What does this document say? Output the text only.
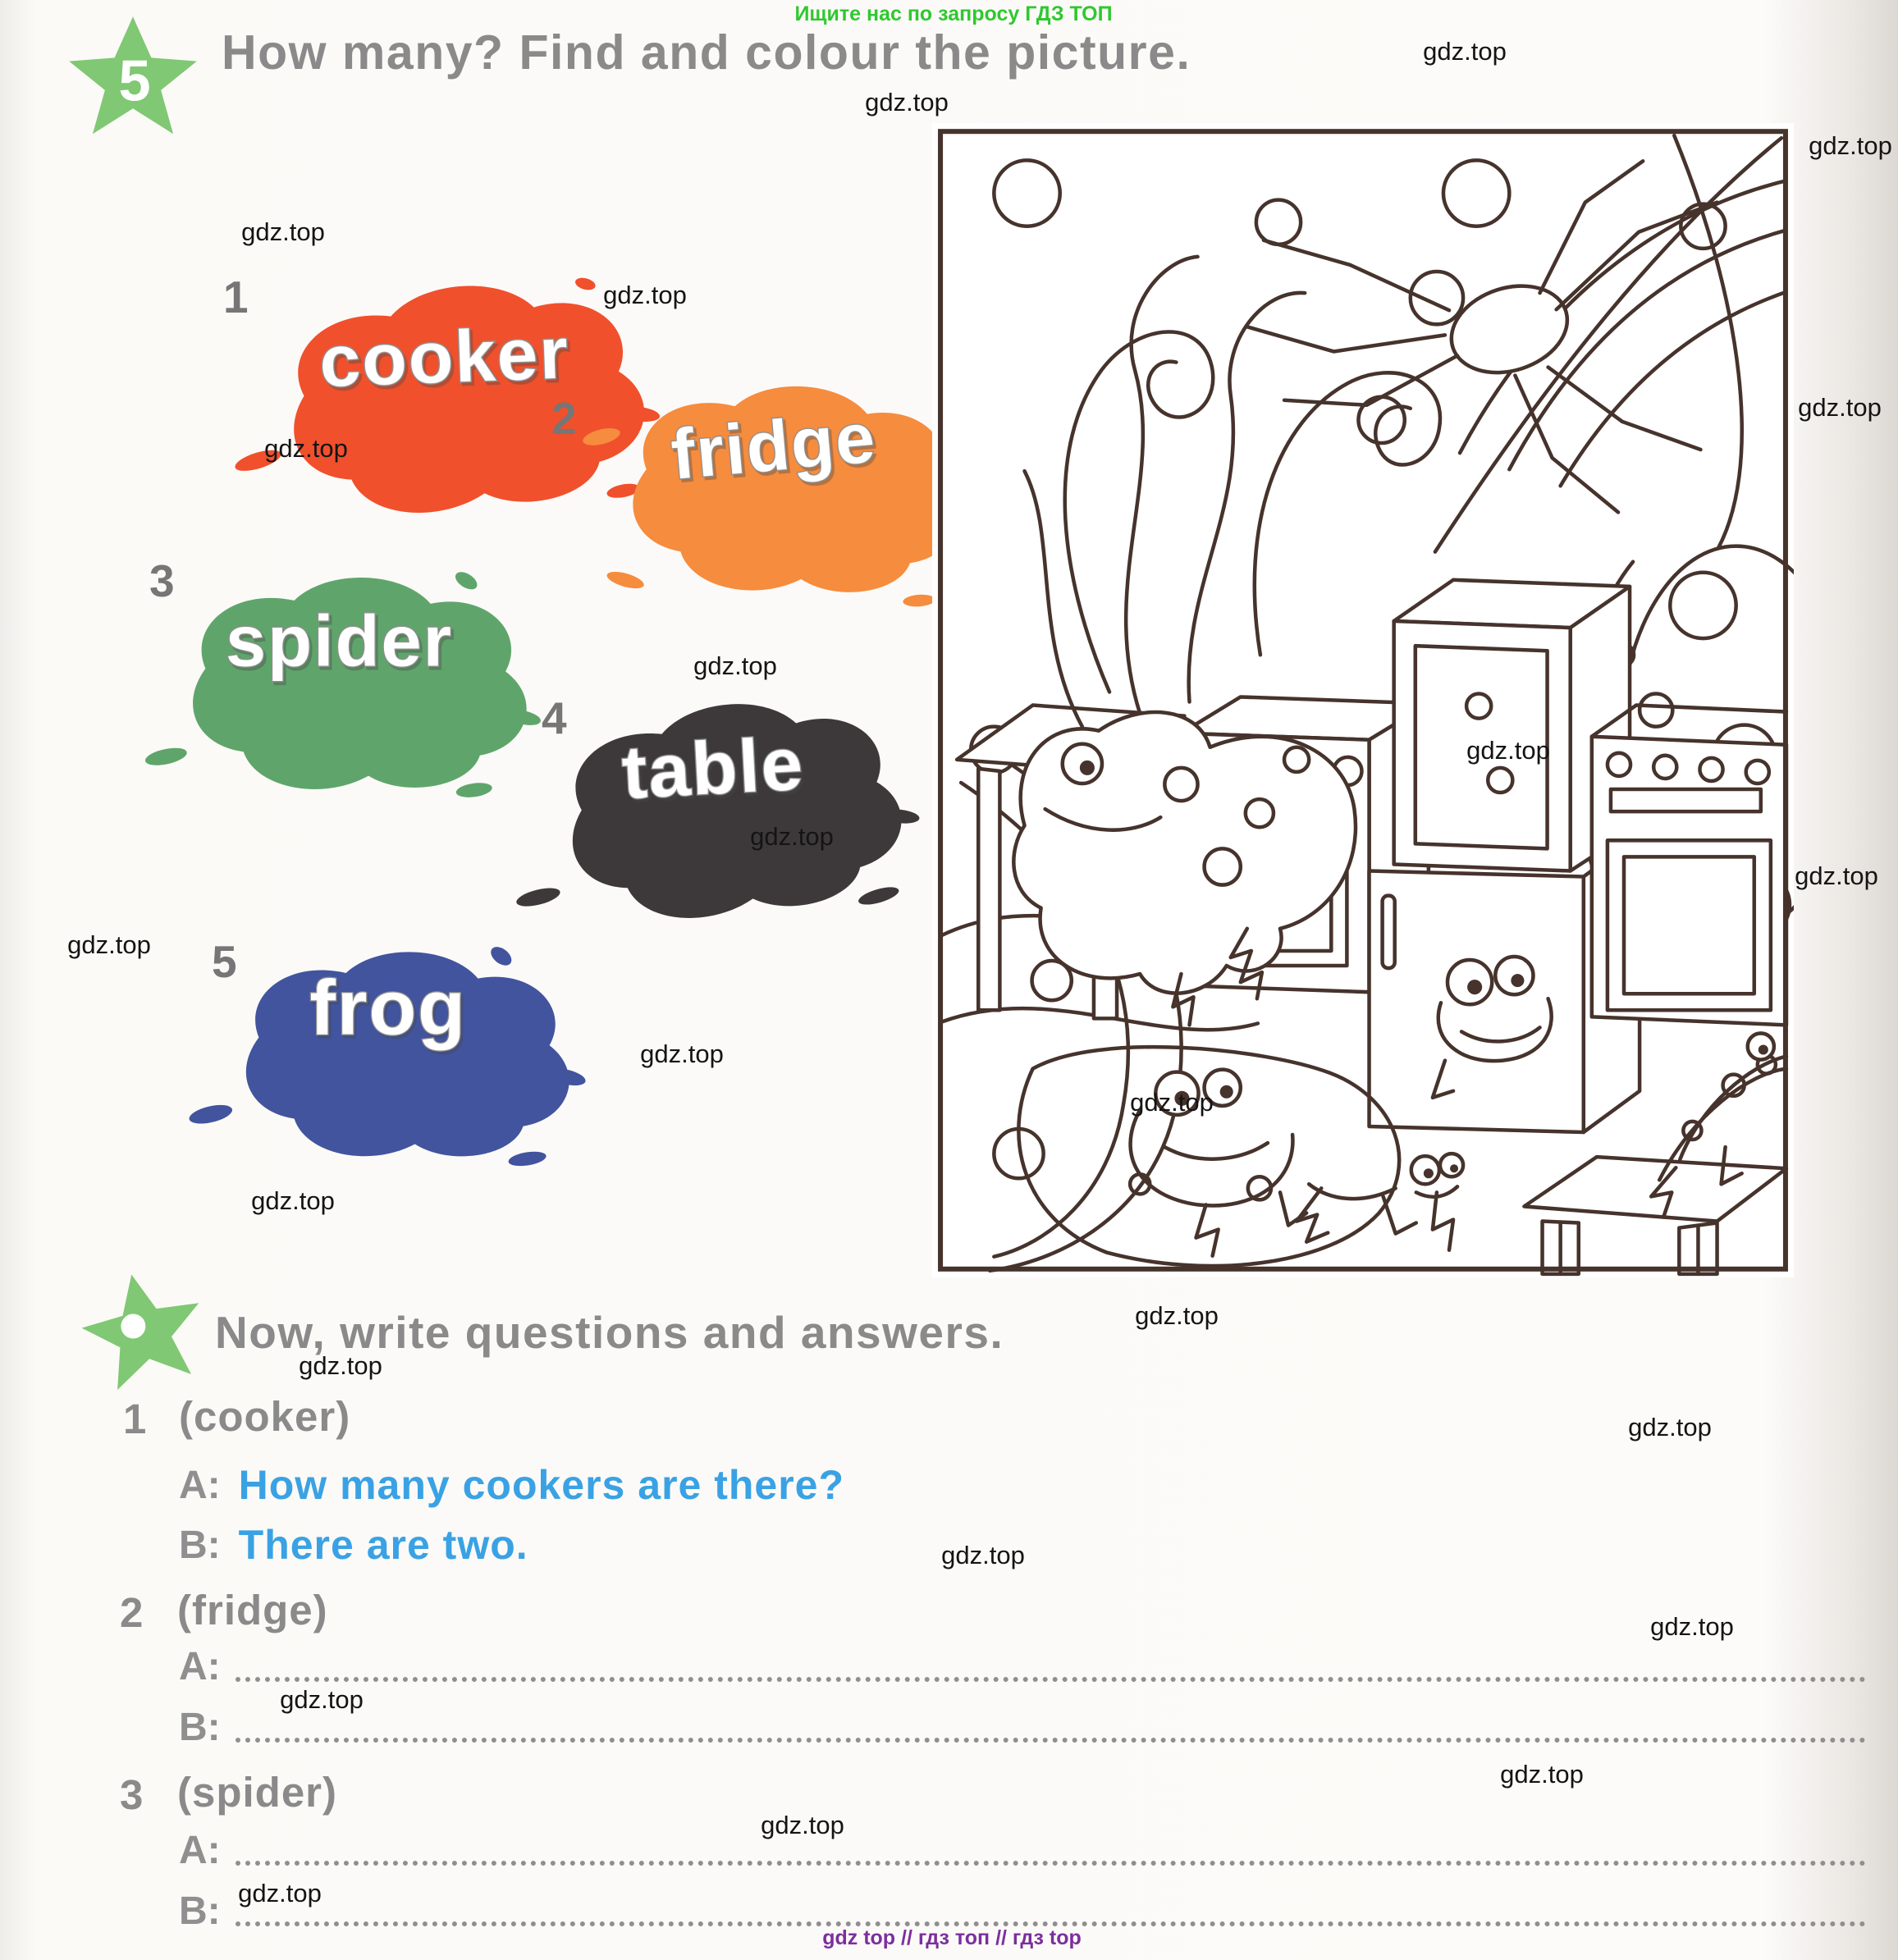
Ищите нас по запросу ГДЗ ТОП
gdz.top
gdz.top
gdz.top
gdz.top
gdz.top
gdz.top
gdz.top
gdz.top
gdz.top
gdz.top
gdz.top
gdz.top
gdz.top
gdz.top
gdz.top
gdz.top
gdz.top
gdz.top
gdz.top
gdz.top
gdz.top
gdz.top
gdz.top
gdz.top
gdz top // гдз топ // гдз top
5 How many? Find and colour the picture.
1
cooker
2 fridge
3
spider
4
table
5
frog
Now, write questions and answers.
1 (cooker)
A: How many cookers are there?
B: There are two.
2 (fridge)
A:
B:
3 (spider)
A:
B:
